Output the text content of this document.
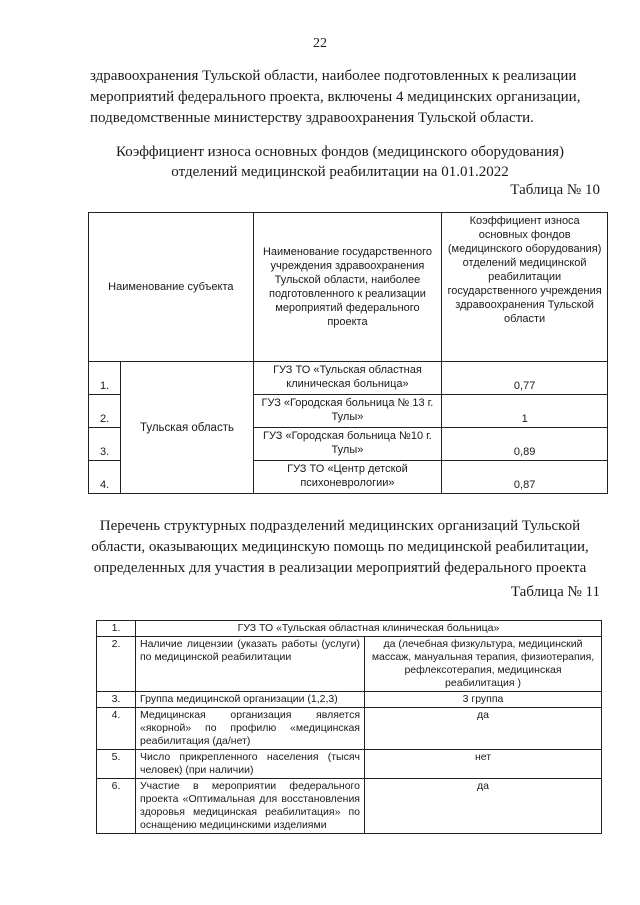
22
здравоохранения Тульской области, наиболее подготовленных к реализации
мероприятий федерального проекта, включены 4 медицинских организации,
подведомственные министерству здравоохранения Тульской области.
Коэффициент износа основных фондов (медицинского оборудования)
отделений медицинской реабилитации на 01.01.2022
Таблица № 10
Наименование субъекта		Наименование государственного учреждения здравоохранения Тульской области, наиболее подготовленного к реализации мероприятий федерального проекта	Коэффициент износа основных фондов (медицинского оборудования) отделений медицинской реабилитации государственного учреждения здравоохранения Тульской области
1.	Тульская область	ГУЗ ТО «Тульская областная клиническая больница»	0,77
2.		ГУЗ «Городская больница № 13 г. Тулы»	1
3.		ГУЗ «Городская больница №10 г. Тулы»	0,89
4.		ГУЗ ТО «Центр детской психоневрологии»	0,87
Перечень структурных подразделений медицинских организаций Тульской
области, оказывающих медицинскую помощь по медицинской реабилитации,
определенных для участия в реализации мероприятий федерального проекта
Таблица № 11
1.	ГУЗ ТО «Тульская областная клиническая больница»	
2.	Наличие лицензии (указать работы (услуги) по медицинской реабилитации	да (лечебная физкультура, медицинский массаж, мануальная терапия, физиотерапия, рефлексотерапия, медицинская реабилитация )
3.	Группа медицинской организации (1,2,3)	3 группа
4.	Медицинская организация является «якорной» по профилю «медицинская реабилитация (да/нет)	да
5.	Число прикрепленного населения (тысяч человек) (при наличии)	нет
6.	Участие в мероприятии федерального проекта «Оптимальная для восстановления здоровья медицинская реабилитация» по оснащению медицинскими изделиями	да
